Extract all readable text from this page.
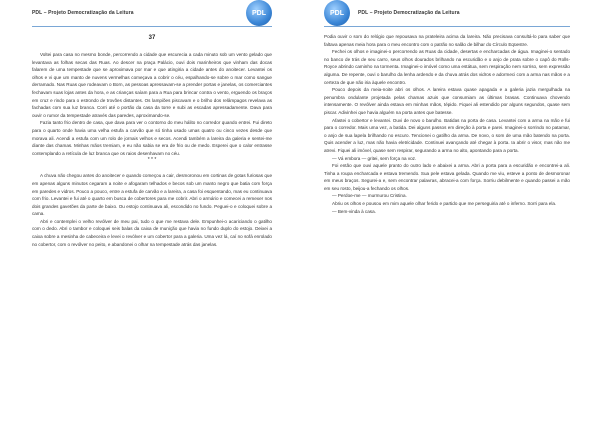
PDL – Projeto Democratização da Leitura	PDL
37

Voltei para casa no mesmo bonde, percorrendo a cidade que escurecia a cada minuto sob um vento gelado que levantava as folhas secas das Ruas. Ao descer na praça Palácio, ouvi dois marinheiros que vinham das docas falarem de uma tempestade que se aproximava por mar e que atingiria a cidade antes do anoitecer. Levantei os olhos e vi que um manto de nuvens vermelhas começava a cobrir o céu, espalhando-se sobre o mar como sangue derramado. Nas Ruas que rodeavam o Born, as pessoas apressavam-se a prender portas e janelas, os comerciantes fechavam suas lojas antes da hora, e as crianças saíam para a Rua para brincar contra o vento, erguendo os braços em cruz e rindo para o estrondo de trovões distantes. Os lampiões piscavam e o brilho dos relâmpagos revelava as fachadas com sua luz branca. Corri até o portão da casa da torre e subi as escadas apressadamente. Dava para ouvir o rumor da tempestade através das paredes, aproximando-se.

Fazia tanto frio dentro de casa, que dava para ver o contorno do meu hálito no corredor quando entrei. Fui direto para o quarto onde havia uma velha estufa a carvão que só tinha usado umas quatro ou cinco vezes desde que morava ali. Acendi a estufa com um rolo de jornais velhos e secos. Acendi também a lareira da galeria e sentei-me diante das chamas. Minhas mãos tremiam, e eu não sabia se era de frio ou de medo. Esperei que o calor entrasse contemplando a retícula de luz branca que os raios desenhavam no céu.

* * *

A chuva não chegou antes do anoitecer e quando começou a cair, desmoronou em cortinas de gotas furiosas que em apenas alguns minutos cegaram a noite e afogaram telhados e becos sob um manto negro que batia com força em paredes e vidros. Pouco a pouco, entre a estufa de carvão e a lareira, a casa foi esquentando, mas eu continuava com frio. Levantei e fui até o quarto em busca de cobertores para me cobrir. Abri o armário e comecei a remexer nos dois grandes gavetões da parte de baixo. Ou estojo continuava ali, escondido no fundo. Peguei-o e coloquei sobre a cama.

Abri e contemplei o velho revólver de meu pai, tudo o que me restava dele. Empunhei-o acariciando o gatilho com o dedo. Abri o tambor e coloquei seis balas da caixa de munição que havia no fundo duplo do estojo. Deixei a caixa sobre a mesinha de cabeceira e levei o revólver e um cobertor para a galeria. Uma vez lá, caí no sofá enrolado no cobertor, com o revólver no peito, e abandonei o olhar na tempestade atrás das janelas.

PDL	PDL – Projeto Democratização da Leitura

Podia ouvir o som do relógio que repousava na prateleira acima da lareira. Não precisava consultá-lo para saber que faltava apenas meia hora para o meu encontro com o patrão no salão de bilhar do Círculo Eqüestre.

Fechei os olhos e imaginei-o percorrendo as Ruas da cidade, desertas e encharcadas de água. Imaginei-o sentado no banco de trás de seu carro, seus olhos dourados brilhando na escuridão e o anjo de prata sobre o capô do Rolls-Royce abrindo caminho na tormenta. Imaginei-o imóvel como uma estátua, sem respiração nem sorriso, sem expressão alguma. De repente, ouvi o barulho da lenha ardendo e da chuva atrás dos vidros e adormeci com a arma nas mãos e a certeza de que não iria àquele encontro.

Pouco depois da meia-noite abri os olhos. A lareira estava quase apagada e a galeria jazia mergulhada na penumbra ondulante projetada pelas chamas azuis que consumiam as últimas brasas. Continuava chovendo intensamente. O revólver ainda estava em minhas mãos, tépido. Fiquei ali estendido por alguns segundos, quase sem piscar. Adivinhei que havia alguém na porta antes que batesse.

Afastei o cobertor e levantei. Ouvi de novo o barulho. Batidas na porta de casa. Levantei com a arma na mão e fui para o corredor. Mais uma vez, a batida. Dei alguns passos em direção à porta e parei. Imaginei-o sorrindo no patamar, o anjo de sua lapela brilhando no escuro. Tencionei o gatilho da arma. De novo, o som de uma mão batendo na porta. Quis acender a luz, mas não havia eletricidade. Continuei avançando até chegar à porta. Ia abrir o visor, mas não me atrevi. Fiquei ali imóvel, quase sem respirar, segurando a arma no alto, apontando para a porta.

— Vá embora — gritei, sem força na voz.

Foi então que ouvi aquele pranto do outro lado e abaixei a arma. Abri a porta para a escuridão e encontrei-a ali. Tinha a roupa encharcada e estava tremendo. Sua pele estava gelada. Quando me viu, esteve a ponto de desmoronar em meus braços. Segurei-a e, sem encontrar palavras, abracei-a com força. Sorriu debilmente e quando passei a mão em seu rosto, beijou-a fechando os olhos.

— Perdoe-me — murmurou Cristina.

Abriu os olhos e pousou em mim aquele olhar ferido e partido que me perseguiria até o inferno. Sorri para ela.

— Bem-vinda à casa.
